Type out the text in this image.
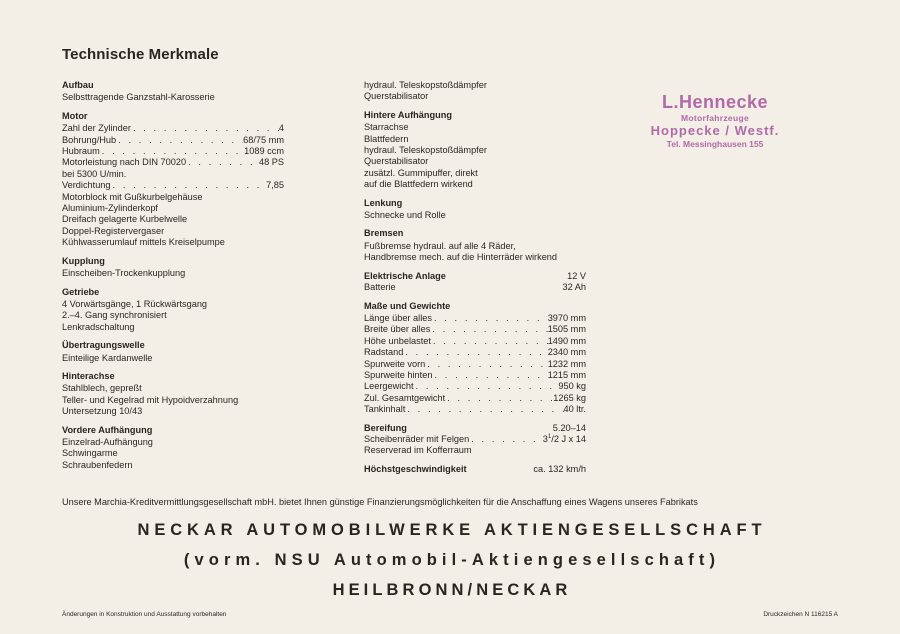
Technische Merkmale
Aufbau
Selbsttragende Ganzstahl-Karosserie
Motor
Zahl der Zylinder . . .	4
Bohrung/Hub . . .	68/75 mm
Hubraum . . .	1089 ccm
Motorleistung nach DIN 70020 . . .	48 PS
bei 5300 U/min.
Verdichtung . . .	7,85
Motorblock mit Gußkurbelgehäuse
Aluminium-Zylinderkopf
Dreifach gelagerte Kurbelwelle
Doppel-Registervergaser
Kühlwasserumlauf mittels Kreiselpumpe
Kupplung
Einscheiben-Trockenkupplung
Getriebe
4 Vorwärtsgänge, 1 Rückwärtsgang
2.–4. Gang synchronisiert
Lenkradschaltung
Übertragungswelle
Einteilige Kardanwelle
Hinterachse
Stahlblech, gepreßt
Teller- und Kegelrad mit Hypoidverzahnung
Untersetzung 10/43
Vordere Aufhängung
Einzelrad-Aufhängung
Schwingarme
Schraubenfedern
hydraul. Teleskopstoßdämpfer
Querstabilisator
Hintere Aufhängung
Starrachse
Blattfedern
hydraul. Teleskopstoßdämpfer
Querstabilisator
zusätzl. Gummipuffer, direkt
auf die Blattfedern wirkend
Lenkung
Schnecke und Rolle
Bremsen
Fußbremse hydraul. auf alle 4 Räder,
Handbremse mech. auf die Hinterräder wirkend
Elektrische Anlage	12 V
Batterie	32 Ah
Maße und Gewichte
Länge über alles . . .	3970 mm
Breite über alles . . .	1505 mm
Höhe unbelastet . . .	1490 mm
Radstand . . .	2340 mm
Spurweite vorn . . .	1232 mm
Spurweite hinten . . .	1215 mm
Leergewicht . . .	950 kg
Zul. Gesamtgewicht . . .	1265 kg
Tankinhalt . . .	40 ltr.
Bereifung	5.20–14
Scheibenräder mit Felgen . . .	$3^1/2$ J x 14
Reserverad im Kofferraum
Höchstgeschwindigkeit	ca. 132 km/h
L.Hennecke
Motorfahrzeuge
Hoppecke / Westf.
Tel. Messinghausen 155
Unsere Marchia-Kreditvermittlungsgesellschaft mbH. bietet Ihnen günstige Finanzierungsmöglichkeiten für die Anschaffung eines Wagens unseres Fabrikats
NECKAR AUTOMOBILWERKE AKTIENGESELLSCHAFT
(vorm. NSU Automobil-Aktiengesellschaft)
HEILBRONN/NECKAR
Änderungen in Konstruktion und Ausstattung vorbehalten	Druckzeichen N 116215 A
